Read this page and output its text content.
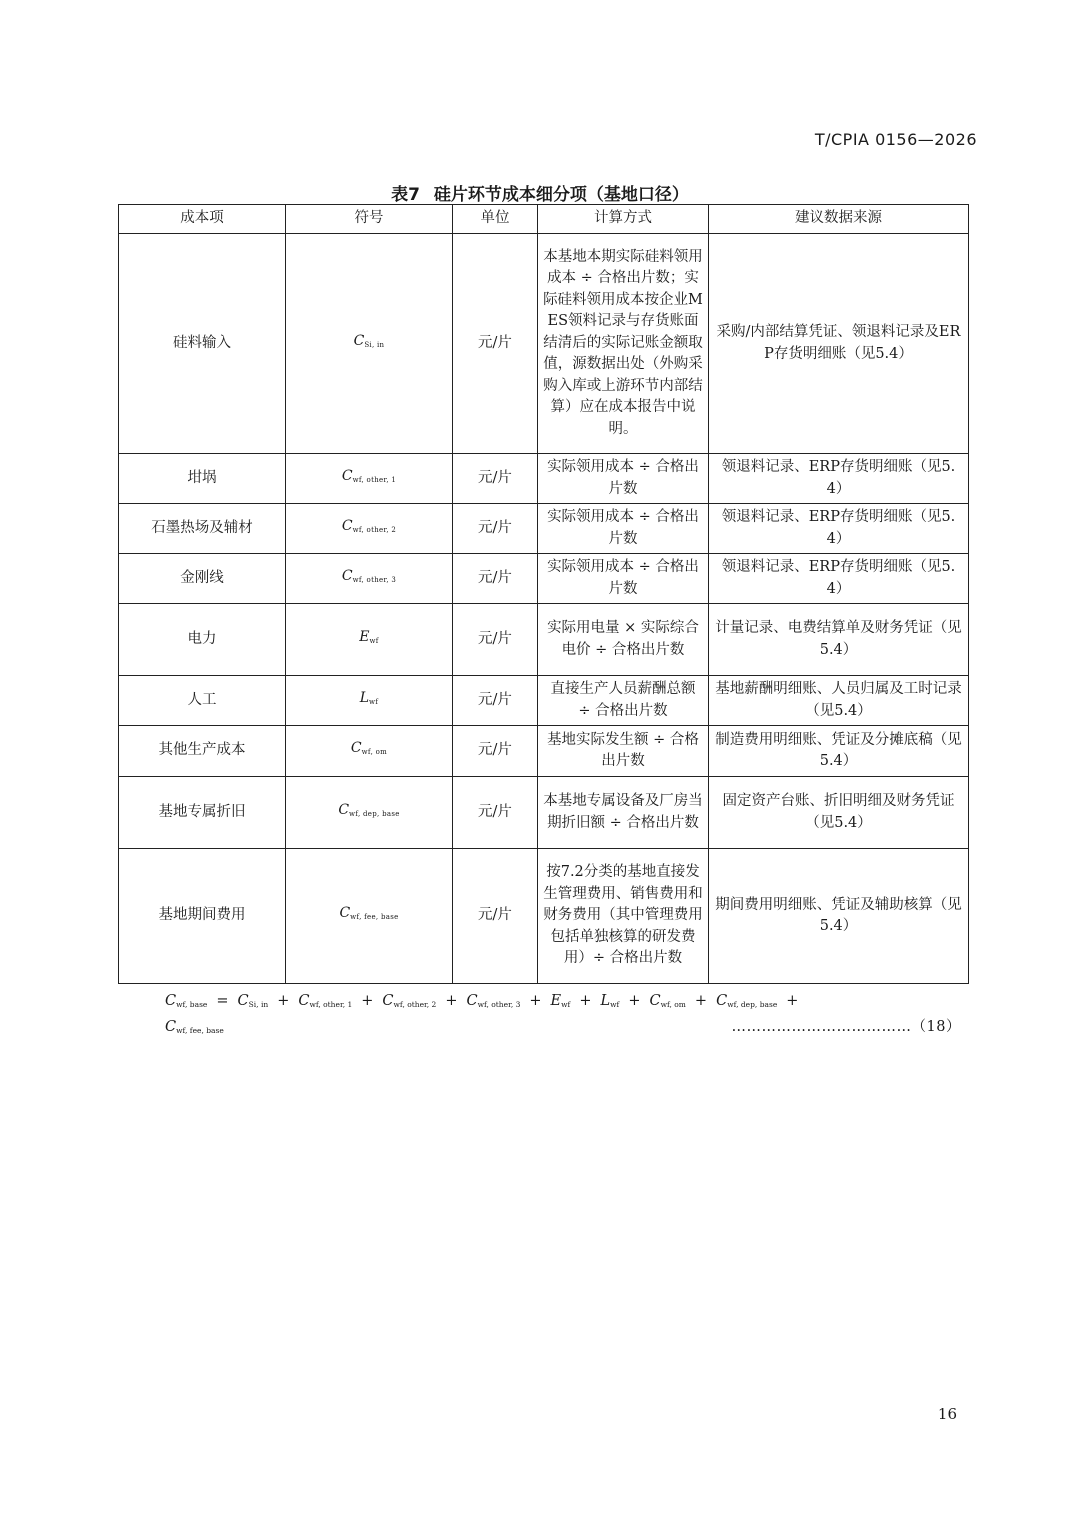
T/CPIA 0156—2026
表7 硅片环节成本细分项（基地口径）
成本项	符号	单位	计算方式	建议数据来源
硅料输入	$C_{Si, in}$	元/片	本基地本期实际硅料领用成本 ÷ 合格出片数；实际硅料领用成本按企业MES领料记录与存货账面结清后的实际记账金额取值，源数据出处（外购采购入库或上游环节内部结算）应在成本报告中说明。	采购/内部结算凭证、领退料记录及ERP存货明细账（见5.4）
坩埚	$C_{wf, other, 1}$	元/片	实际领用成本 ÷ 合格出片数	领退料记录、ERP存货明细账（见5.4）
石墨热场及辅材	$C_{wf, other, 2}$	元/片	实际领用成本 ÷ 合格出片数	领退料记录、ERP存货明细账（见5.4）
金刚线	$C_{wf, other, 3}$	元/片	实际领用成本 ÷ 合格出片数	领退料记录、ERP存货明细账（见5.4）
电力	$E_{wf}$	元/片	实际用电量 × 实际综合电价 ÷ 合格出片数	计量记录、电费结算单及财务凭证（见5.4）
人工	$L_{wf}$	元/片	直接生产人员薪酬总额 ÷ 合格出片数	基地薪酬明细账、人员归属及工时记录（见5.4）
其他生产成本	$C_{wf, om}$	元/片	基地实际发生额 ÷ 合格出片数	制造费用明细账、凭证及分摊底稿（见5.4）
基地专属折旧	$C_{wf, dep, base}$	元/片	本基地专属设备及厂房当期折旧额 ÷ 合格出片数	固定资产台账、折旧明细及财务凭证（见5.4）
基地期间费用	$C_{wf, fee, base}$	元/片	按7.2分类的基地直接发生管理费用、销售费用和财务费用（其中管理费用包括单独核算的研发费用）÷ 合格出片数	期间费用明细账、凭证及辅助核算（见5.4）
$C_{wf, base} = C_{Si, in} + C_{wf, other, 1} + C_{wf, other, 2} + C_{wf, other, 3} + E_{wf} + L_{wf} + C_{wf, om} + C_{wf, dep, base}$ +
$C_{wf, fee, base}$	………………………………（18）
16
